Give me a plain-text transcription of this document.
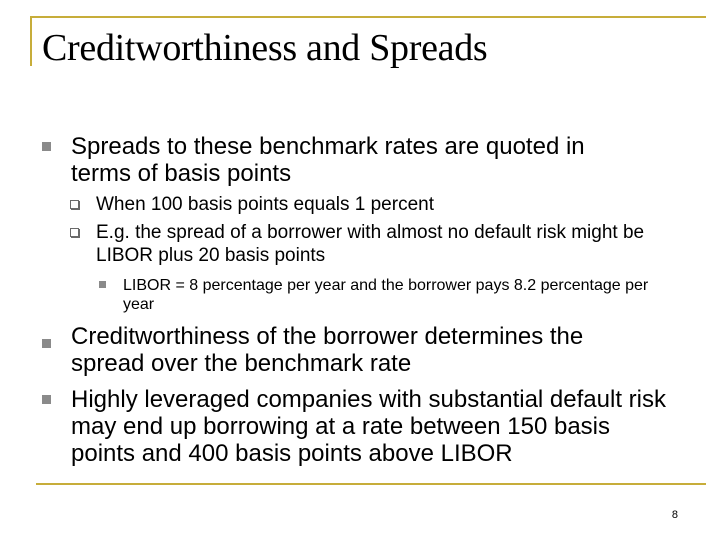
Creditworthiness and Spreads
Spreads to these benchmark rates are quoted in terms of basis points
When 100 basis points equals 1 percent
E.g. the spread of a borrower with almost no default risk might be LIBOR plus 20 basis points
LIBOR = 8 percentage per year and the borrower pays 8.2 percentage per year
Creditworthiness of the borrower determines the spread over the benchmark rate
Highly leveraged companies with substantial default risk may end up borrowing at a rate between 150 basis points and 400 basis points above LIBOR
8
